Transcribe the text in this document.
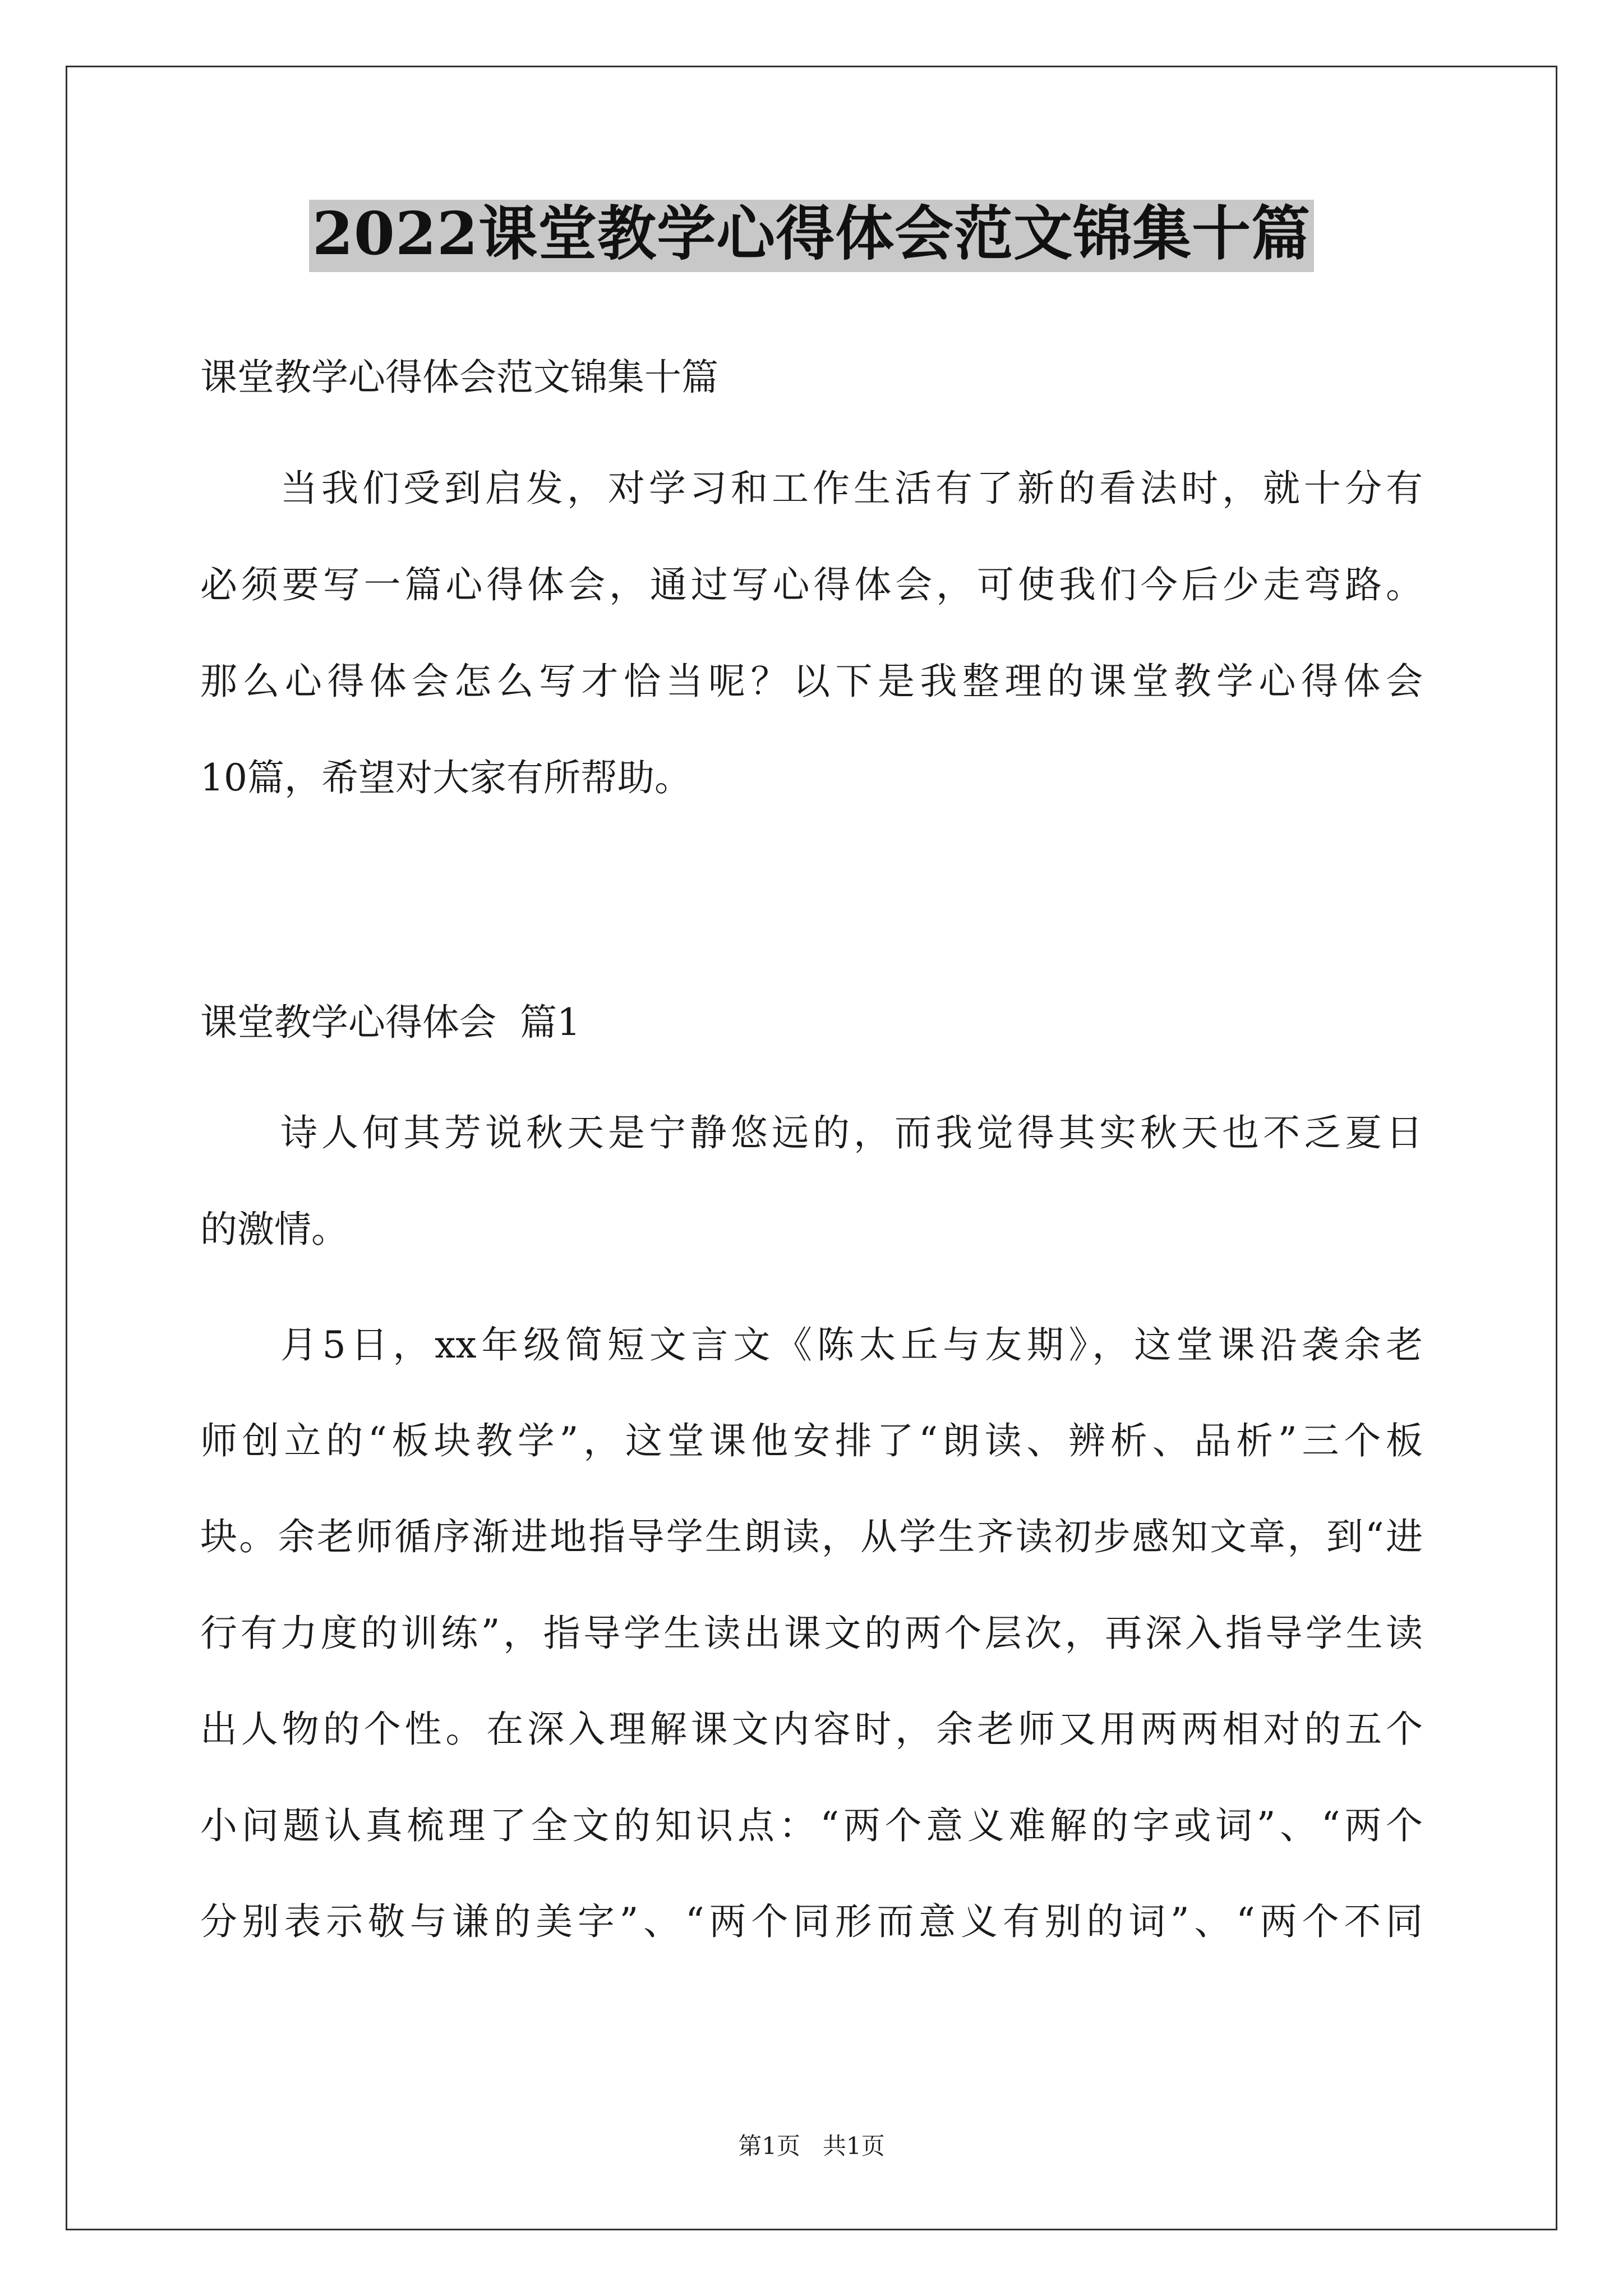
2022课堂教学心得体会范文锦集十篇
课堂教学心得体会范文锦集十篇
当我们受到启发，对学习和工作生活有了新的看法时，就十分有
必须要写一篇心得体会，通过写心得体会，可使我们今后少走弯路。
那么心得体会怎么写才恰当呢？以下是我整理的课堂教学心得体会
10篇，希望对大家有所帮助。
课堂教学心得体会  篇1
诗人何其芳说秋天是宁静悠远的，而我觉得其实秋天也不乏夏日
的激情。
月5日，xx年级简短文言文《陈太丘与友期》，这堂课沿袭余老
师创立的“板块教学”，这堂课他安排了“朗读、辨析、品析”三个板
块。余老师循序渐进地指导学生朗读，从学生齐读初步感知文章，到“进
行有力度的训练”，指导学生读出课文的两个层次，再深入指导学生读
出人物的个性。在深入理解课文内容时，余老师又用两两相对的五个
小问题认真梳理了全文的知识点：“两个意义难解的字或词”、“两个
分别表示敬与谦的美字”、“两个同形而意义有别的词”、“两个不同
第1页   共1页
